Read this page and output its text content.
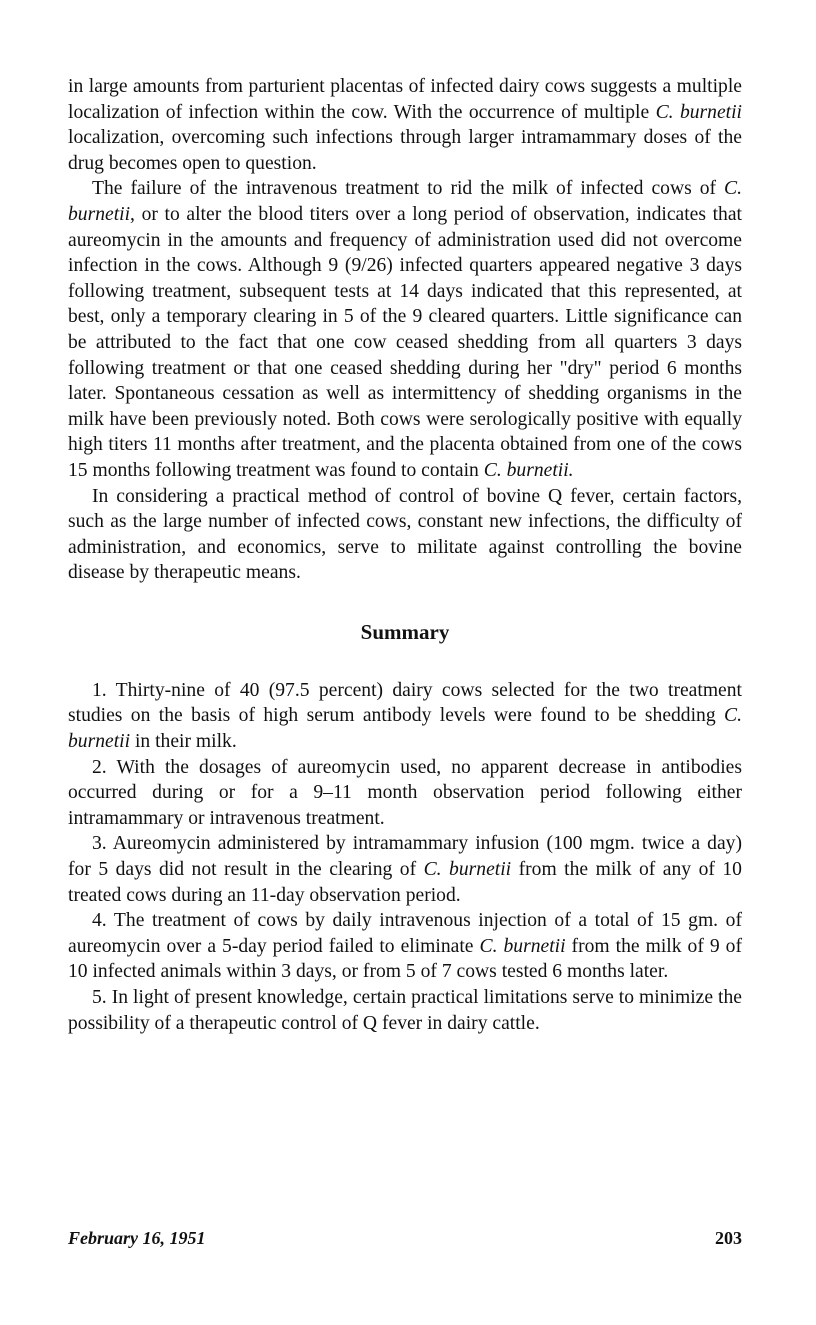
in large amounts from parturient placentas of infected dairy cows suggests a multiple localization of infection within the cow. With the occurrence of multiple C. burnetii localization, overcoming such infections through larger intramammary doses of the drug becomes open to question.

The failure of the intravenous treatment to rid the milk of infected cows of C. burnetii, or to alter the blood titers over a long period of observation, indicates that aureomycin in the amounts and frequency of administration used did not overcome infection in the cows. Although 9 (9/26) infected quarters appeared negative 3 days following treatment, subsequent tests at 14 days indicated that this represented, at best, only a temporary clearing in 5 of the 9 cleared quarters. Little significance can be attributed to the fact that one cow ceased shedding from all quarters 3 days following treatment or that one ceased shedding during her "dry" period 6 months later. Spontaneous cessation as well as intermittency of shedding organisms in the milk have been previously noted. Both cows were serologically positive with equally high titers 11 months after treatment, and the placenta obtained from one of the cows 15 months following treatment was found to contain C. burnetii.

In considering a practical method of control of bovine Q fever, certain factors, such as the large number of infected cows, constant new infections, the difficulty of administration, and economics, serve to militate against controlling the bovine disease by therapeutic means.

Summary

1. Thirty-nine of 40 (97.5 percent) dairy cows selected for the two treatment studies on the basis of high serum antibody levels were found to be shedding C. burnetii in their milk.

2. With the dosages of aureomycin used, no apparent decrease in antibodies occurred during or for a 9–11 month observation period following either intramammary or intravenous treatment.

3. Aureomycin administered by intramammary infusion (100 mgm. twice a day) for 5 days did not result in the clearing of C. burnetii from the milk of any of 10 treated cows during an 11-day observation period.

4. The treatment of cows by daily intravenous injection of a total of 15 gm. of aureomycin over a 5-day period failed to eliminate C. burnetii from the milk of 9 of 10 infected animals within 3 days, or from 5 of 7 cows tested 6 months later.

5. In light of present knowledge, certain practical limitations serve to minimize the possibility of a therapeutic control of Q fever in dairy cattle.

February 16, 1951	203
